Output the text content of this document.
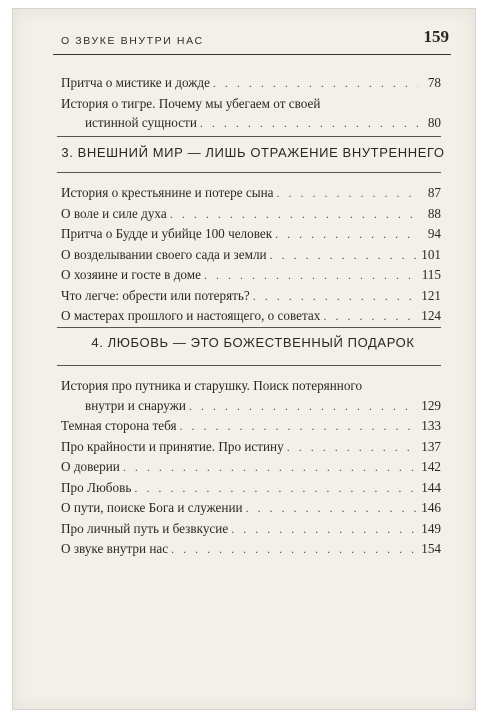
О ЗВУКЕ ВНУТРИ НАС	159
Притча о мистике и дожде . . .	78
История о тигре. Почему мы убегаем от своей
истинной сущности . . .	80
3. ВНЕШНИЙ МИР — ЛИШЬ ОТРАЖЕНИЕ ВНУТРЕННЕГО
История о крестьянине и потере сына . . .	87
О воле и силе духа . . .	88
Притча о Будде и убийце 100 человек . . .	94
О возделывании своего сада и земли . . .	101
О хозяине и госте в доме . . .	115
Что легче: обрести или потерять? . . .	121
О мастерах прошлого и настоящего, о советах . . .	124
4. ЛЮБОВЬ — ЭТО БОЖЕСТВЕННЫЙ ПОДАРОК
История про путника и старушку. Поиск потерянного
внутри и снаружи . . .	129
Темная сторона тебя . . .	133
Про крайности и принятие. Про истину . . .	137
О доверии . . .	142
Про Любовь . . .	144
О пути, поиске Бога и служении . . .	146
Про личный путь и безвкусие . . .	149
О звуке внутри нас . . .	154
